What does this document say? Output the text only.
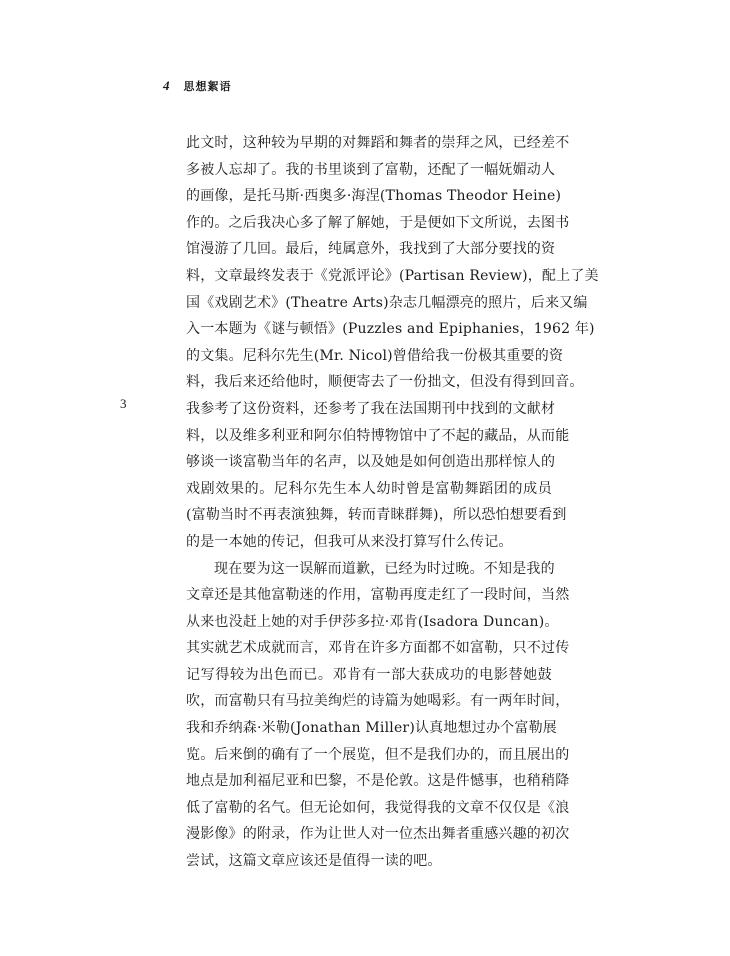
4 思想絮语
3
此文时，这种较为早期的对舞蹈和舞者的崇拜之风，已经差不
多被人忘却了。我的书里谈到了富勒，还配了一幅妩媚动人
的画像，是托马斯·西奥多·海涅(Thomas Theodor Heine)
作的。之后我决心多了解了解她，于是便如下文所说，去图书
馆漫游了几回。最后，纯属意外，我找到了大部分要找的资
料，文章最终发表于《党派评论》(Partisan Review)，配上了美
国《戏剧艺术》(Theatre Arts)杂志几幅漂亮的照片，后来又编
入一本题为《谜与顿悟》(Puzzles and Epiphanies，1962 年)
的文集。尼科尔先生(Mr. Nicol)曾借给我一份极其重要的资
料，我后来还给他时，顺便寄去了一份拙文，但没有得到回音。
我参考了这份资料，还参考了我在法国期刊中找到的文献材
料，以及维多利亚和阿尔伯特博物馆中了不起的藏品，从而能
够谈一谈富勒当年的名声，以及她是如何创造出那样惊人的
戏剧效果的。尼科尔先生本人幼时曾是富勒舞蹈团的成员
(富勒当时不再表演独舞，转而青睐群舞)，所以恐怕想要看到
的是一本她的传记，但我可从来没打算写什么传记。
现在要为这一误解而道歉，已经为时过晚。不知是我的
文章还是其他富勒迷的作用，富勒再度走红了一段时间，当然
从来也没赶上她的对手伊莎多拉·邓肯(Isadora Duncan)。
其实就艺术成就而言，邓肯在许多方面都不如富勒，只不过传
记写得较为出色而已。邓肯有一部大获成功的电影替她鼓
吹，而富勒只有马拉美绚烂的诗篇为她喝彩。有一两年时间，
我和乔纳森·米勒(Jonathan Miller)认真地想过办个富勒展
览。后来倒的确有了一个展览，但不是我们办的，而且展出的
地点是加利福尼亚和巴黎，不是伦敦。这是件憾事，也稍稍降
低了富勒的名气。但无论如何，我觉得我的文章不仅仅是《浪
漫影像》的附录，作为让世人对一位杰出舞者重感兴趣的初次
尝试，这篇文章应该还是值得一读的吧。
